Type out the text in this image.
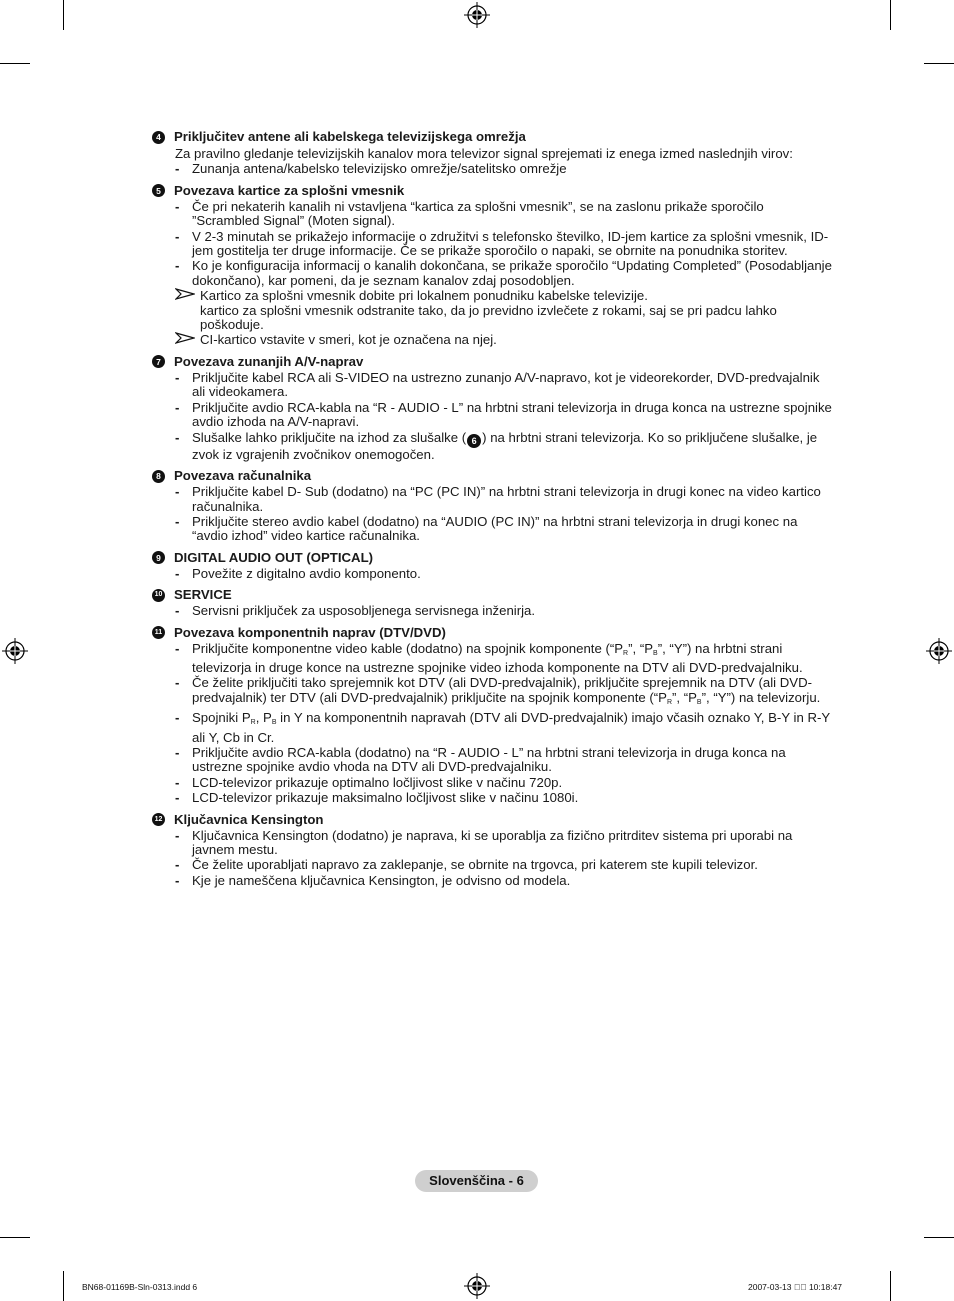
4 Priključitev antene ali kabelskega televizijskega omrežja
Za pravilno gledanje televizijskih kanalov mora televizor signal sprejemati iz enega izmed naslednjih virov:
- Zunanja antena/kabelsko televizijsko omrežje/satelitsko omrežje
5 Povezava kartice za splošni vmesnik
- Če pri nekaterih kanalih ni vstavljena “kartica za splošni vmesnik”, se na zaslonu prikaže sporočilo ”Scrambled Signal” (Moten signal).
- V 2-3 minutah se prikažejo informacije o združitvi s telefonsko številko, ID-jem kartice za splošni vmesnik, ID-jem gostitelja ter druge informacije. Če se prikaže sporočilo o napaki, se obrnite na ponudnika storitev.
- Ko je konfiguracija informacij o kanalih dokončana, se prikaže sporočilo “Updating Completed” (Posodabljanje dokončano), kar pomeni, da je seznam kanalov zdaj posodobljen.
Kartico za splošni vmesnik dobite pri lokalnem ponudniku kabelske televizije.
kartico za splošni vmesnik odstranite tako, da jo previdno izvlečete z rokami, saj se pri padcu lahko poškoduje.
CI-kartico vstavite v smeri, kot je označena na njej.
7 Povezava zunanjih A/V-naprav
- Priključite kabel RCA ali S-VIDEO na ustrezno zunanjo A/V-napravo, kot je videorekorder, DVD-predvajalnik ali videokamera.
- Priključite avdio RCA-kabla na “R - AUDIO - L” na hrbtni strani televizorja in druga konca na ustrezne spojnike avdio izhoda na A/V-napravi.
- Slušalke lahko priključite na izhod za slušalke ( 6 ) na hrbtni strani televizorja. Ko so priključene slušalke, je zvok iz vgrajenih zvočnikov onemogočen.
8 Povezava računalnika
- Priključite kabel D- Sub (dodatno) na “PC (PC IN)” na hrbtni strani televizorja in drugi konec na video kartico računalnika.
- Priključite stereo avdio kabel (dodatno) na “AUDIO (PC IN)” na hrbtni strani televizorja in drugi konec na “avdio izhod” video kartice računalnika.
9 DIGITAL AUDIO OUT (OPTICAL)
- Povežite z digitalno avdio komponento.
10 SERVICE
- Servisni priključek za usposobljenega servisnega inženirja.
11 Povezava komponentnih naprav (DTV/DVD)
- Priključite komponentne video kable (dodatno) na spojnik komponente (“$P_R$”, “$P_B$”, “Y”) na hrbtni strani televizorja in druge konce na ustrezne spojnike video izhoda komponente na DTV ali DVD-predvajalniku.
- Če želite priključiti tako sprejemnik kot DTV (ali DVD-predvajalnik), priključite sprejemnik na DTV (ali DVD-predvajalnik) ter DTV (ali DVD-predvajalnik) priključite na spojnik komponente (“$P_R$”, “$P_B$”, “Y”) na televizorju.
- Spojniki $P_R$, $P_B$ in Y na komponentnih napravah (DTV ali DVD-predvajalnik) imajo včasih oznako Y, B-Y in R-Y ali Y, Cb in Cr.
- Priključite avdio RCA-kabla (dodatno) na “R - AUDIO - L” na hrbtni strani televizorja in druga konca na ustrezne spojnike avdio vhoda na DTV ali DVD-predvajalniku.
- LCD-televizor prikazuje optimalno ločljivost slike v načinu 720p.
- LCD-televizor prikazuje maksimalno ločljivost slike v načinu 1080i.
12 Ključavnica Kensington
- Ključavnica Kensington (dodatno) je naprava, ki se uporablja za fizično pritrditev sistema pri uporabi na javnem mestu.
- Če želite uporabljati napravo za zaklepanje, se obrnite na trgovca, pri katerem ste kupili televizor.
- Kje je nameščena ključavnica Kensington, je odvisno od modela.
Slovenščina - 6
BN68-01169B-Sln-0313.indd 6	2007-03-13    10:18:47
